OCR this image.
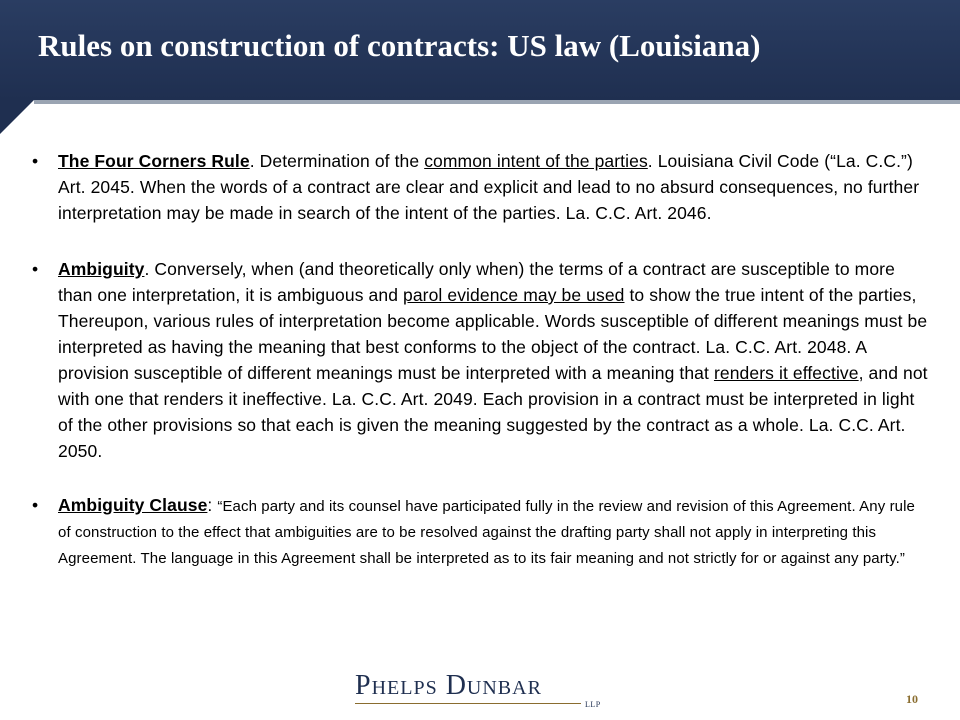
Rules on construction of contracts: US law (Louisiana)
• The Four Corners Rule. Determination of the common intent of the parties. Louisiana Civil Code (“La. C.C.”) Art. 2045. When the words of a contract are clear and explicit and lead to no absurd consequences, no further interpretation may be made in search of the intent of the parties. La. C.C. Art. 2046.

• Ambiguity. Conversely, when (and theoretically only when) the terms of a contract are susceptible to more than one interpretation, it is ambiguous and parol evidence may be used to show the true intent of the parties, Thereupon, various rules of interpretation become applicable. Words susceptible of different meanings must be interpreted as having the meaning that best conforms to the object of the contract. La. C.C. Art. 2048. A provision susceptible of different meanings must be interpreted with a meaning that renders it effective, and not with one that renders it ineffective. La. C.C. Art. 2049. Each provision in a contract must be interpreted in light of the other provisions so that each is given the meaning suggested by the contract as a whole. La. C.C. Art. 2050.

• Ambiguity Clause: “Each party and its counsel have participated fully in the review and revision of this Agreement. Any rule of construction to the effect that ambiguities are to be resolved against the drafting party shall not apply in interpreting this Agreement. The language in this Agreement shall be interpreted as to its fair meaning and not strictly for or against any party.”

Phelps Dunbar
LLP	10
